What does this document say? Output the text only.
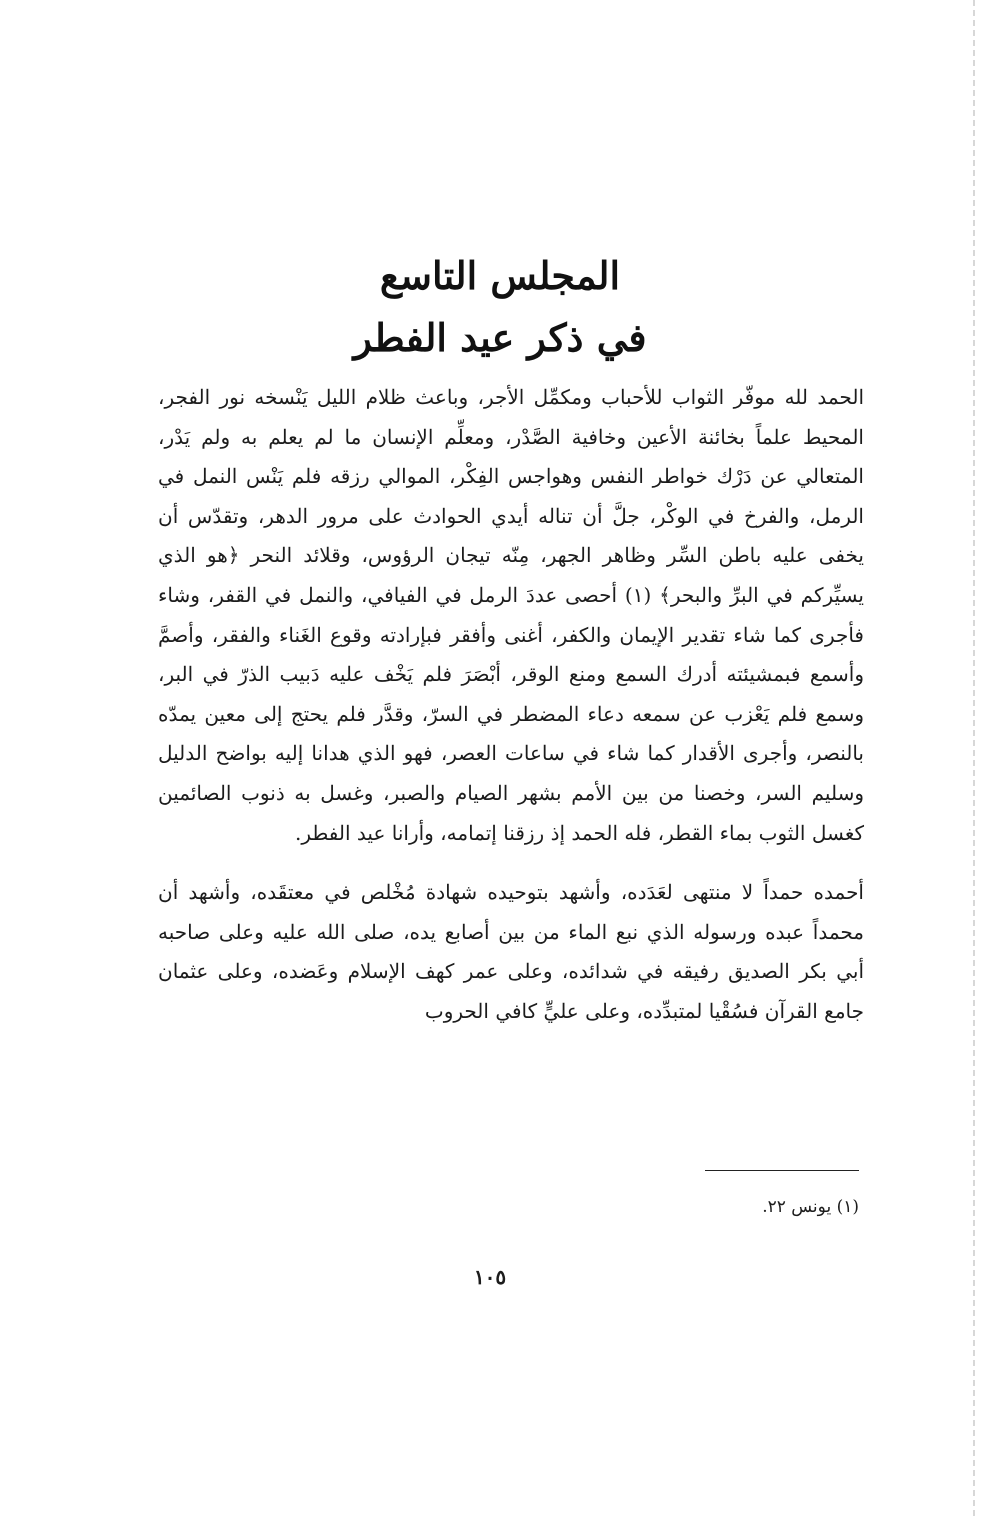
المجلس التاسع
في ذكر عيد الفطر

الحمد لله موفّر الثواب للأحباب ومكمِّل الأجر، وباعث ظلام الليل يَنْسخه نور الفجر، المحيط علماً بخائنة الأعين وخافية الصَّدْر، ومعلِّم الإنسان ما لم يعلم به ولم يَدْر، المتعالي عن دَرْك خواطر النفس وهواجس الفِكْر، الموالي رزقه فلم يَنْس النمل في الرمل، والفرخ في الوكْر، جلَّ أن تناله أيدي الحوادث على مرور الدهر، وتقدّس أن يخفى عليه باطن السِّر وظاهر الجهر، مِنّه تيجان الرؤوس، وقلائد النحر ﴿هو الذي يسيِّركم في البرِّ والبحر﴾ (١) أحصى عددَ الرمل في الفيافي، والنمل في القفر، وشاء فأجرى كما شاء تقدير الإيمان والكفر، أغنى وأفقر فبإرادته وقوع الغَناء والفقر، وأصمَّ وأسمع فبمشيئته أدرك السمع ومنع الوقر، أبْصَرَ فلم يَخْف عليه دَبيب الذرّ في البر، وسمع فلم يَعْزب عن سمعه دعاء المضطر في السرّ، وقدَّر فلم يحتج إلى معين يمدّه بالنصر، وأجرى الأقدار كما شاء في ساعات العصر، فهو الذي هدانا إليه بواضح الدليل وسليم السر، وخصنا من بين الأمم بشهر الصيام والصبر، وغسل به ذنوب الصائمين كغسل الثوب بماء القطر، فله الحمد إذ رزقنا إتمامه، وأرانا عيد الفطر.

أحمده حمداً لا منتهى لعَدَده، وأشهد بتوحيده شهادة مُخْلص في معتقَده، وأشهد أن محمداً عبده ورسوله الذي نبع الماء من بين أصابع يده، صلى الله عليه وعلى صاحبه أبي بكر الصديق رفيقه في شدائده، وعلى عمر كهف الإسلام وعَضده، وعلى عثمان جامع القرآن فسُقْيا لمتبدِّده، وعلى عليٍّ كافي الحروب

(١) يونس ٢٢.
١٠٥
